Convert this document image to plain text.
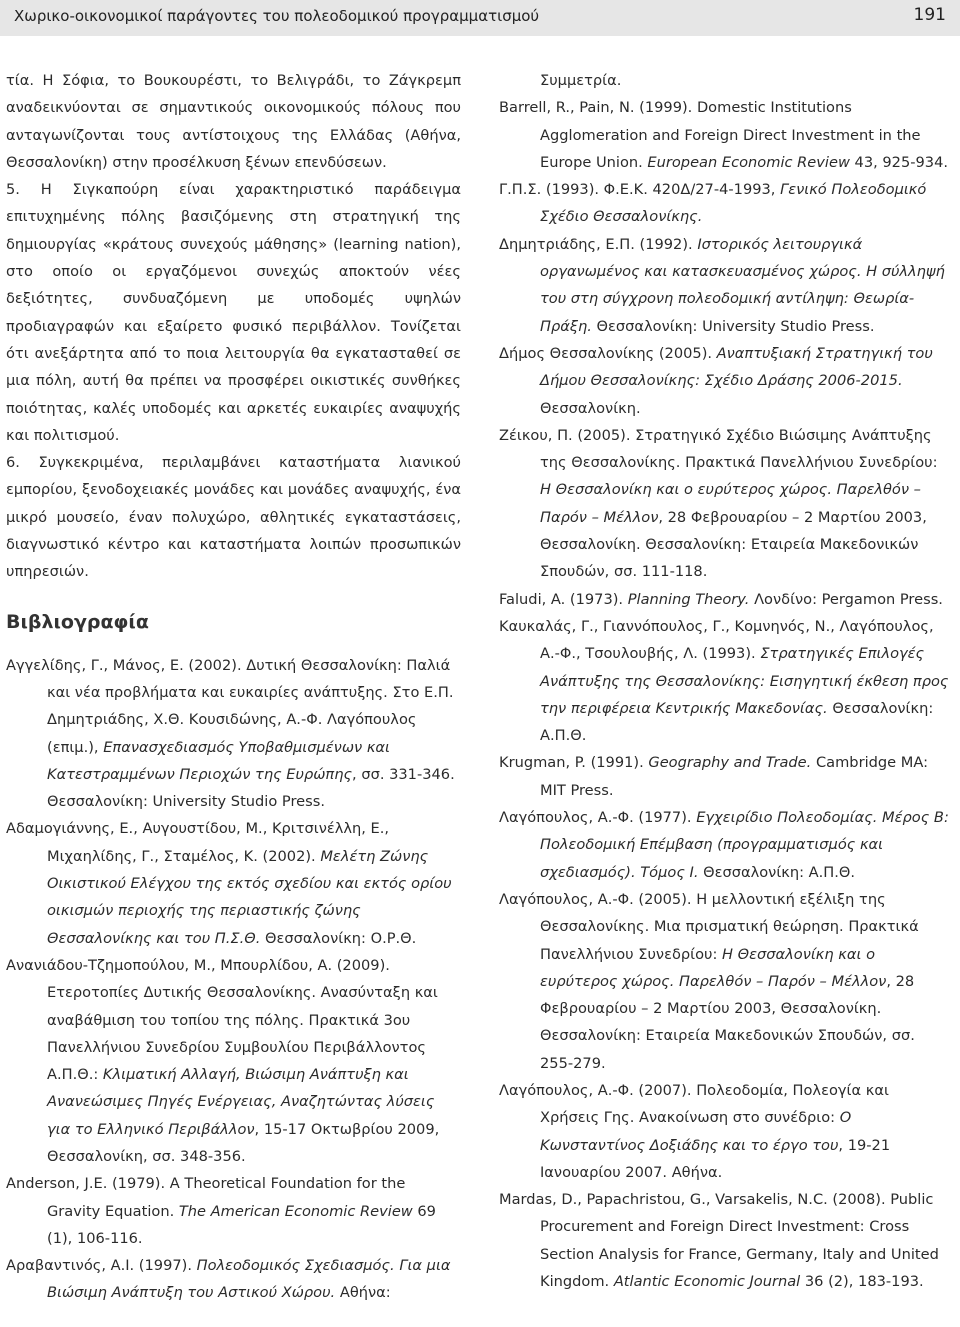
Χωρικο-οικονομικοί παράγοντες του πολεοδομικού προγραμματισμού	191

τία. Η Σόφια, το Βουκουρέστι, το Βελιγράδι, το Ζάγκρεμπ αναδεικνύονται σε σημαντικούς οικονομικούς πόλους που ανταγωνίζονται τους αντίστοιχους της Ελλάδας (Αθήνα, Θεσσαλονίκη) στην προσέλκυση ξένων επενδύσεων.

5. Η Σιγκαπούρη είναι χαρακτηριστικό παράδειγμα επιτυχημένης πόλης βασιζόμενης στη στρατηγική της δημιουργίας «κράτους συνεχούς μάθησης» (learning nation), στο οποίο οι εργαζόμενοι συνεχώς αποκτούν νέες δεξιότητες, συνδυαζόμενη με υποδομές υψηλών προδιαγραφών και εξαίρετο φυσικό περιβάλλον. Τονίζεται ότι ανεξάρτητα από το ποια λειτουργία θα εγκατασταθεί σε μια πόλη, αυτή θα πρέπει να προσφέρει οικιστικές συνθήκες ποιότητας, καλές υποδομές και αρκετές ευκαιρίες αναψυχής και πολιτισμού.

6. Συγκεκριμένα, περιλαμβάνει καταστήματα λιανικού εμπορίου, ξενοδοχειακές μονάδες και μονάδες αναψυχής, ένα μικρό μουσείο, έναν πολυχώρο, αθλητικές εγκαταστάσεις, διαγνωστικό κέντρο και καταστήματα λοιπών προσωπικών υπηρεσιών.

Βιβλιογραφία

Αγγελίδης, Γ., Μάνος, Ε. (2002). Δυτική Θεσσαλονίκη: Παλιά και νέα προβλήματα και ευκαιρίες ανάπτυξης. Στο Ε.Π. Δημητριάδης, Χ.Θ. Κουσιδώνης, Α.-Φ. Λαγόπουλος (επιμ.), Επανασχεδιασμός Υποβαθμισμένων και Κατεστραμμένων Περιοχών της Ευρώπης, σσ. 331-346. Θεσσαλονίκη: University Studio Press.

Αδαμογιάννης, Ε., Αυγουστίδου, Μ., Κριτσινέλλη, Ε., Μιχαηλίδης, Γ., Σταμέλος, Κ. (2002). Μελέτη Ζώνης Οικιστικού Ελέγχου της εκτός σχεδίου και εκτός ορίου οικισμών περιοχής της περιαστικής ζώνης Θεσσαλονίκης και του Π.Σ.Θ. Θεσσαλονίκη: Ο.Ρ.Θ.

Ανανιάδου-Τζημοπούλου, Μ., Μπουρλίδου, Α. (2009). Ετεροτοπίες Δυτικής Θεσσαλονίκης. Ανασύνταξη και αναβάθμιση του τοπίου της πόλης. Πρακτικά 3ου Πανελλήνιου Συνεδρίου Συμβουλίου Περιβάλλοντος Α.Π.Θ.: Κλιματική Αλλαγή, Βιώσιμη Ανάπτυξη και Ανανεώσιμες Πηγές Ενέργειας, Αναζητώντας λύσεις για το Ελληνικό Περιβάλλον, 15-17 Οκτωβρίου 2009, Θεσσαλονίκη, σσ. 348-356.

Anderson, J.E. (1979). A Theoretical Foundation for the Gravity Equation. The American Economic Review 69 (1), 106-116.

Αραβαντινός, Α.Ι. (1997). Πολεοδομικός Σχεδιασμός. Για μια Βιώσιμη Ανάπτυξη του Αστικού Χώρου. Αθήνα:

Συμμετρία.

Barrell, R., Pain, N. (1999). Domestic Institutions Agglomeration and Foreign Direct Investment in the Europe Union. European Economic Review 43, 925-934.

Γ.Π.Σ. (1993). Φ.Ε.Κ. 420Δ/27-4-1993, Γενικό Πολεοδομικό Σχέδιο Θεσσαλονίκης.

Δημητριάδης, Ε.Π. (1992). Ιστορικός λειτουργικά οργανωμένος και κατασκευασμένος χώρος. Η σύλληψή του στη σύγχρονη πολεοδομική αντίληψη: Θεωρία-Πράξη. Θεσσαλονίκη: University Studio Press.

Δήμος Θεσσαλονίκης (2005). Αναπτυξιακή Στρατηγική του Δήμου Θεσσαλονίκης: Σχέδιο Δράσης 2006-2015. Θεσσαλονίκη.

Ζέικου, Π. (2005). Στρατηγικό Σχέδιο Βιώσιμης Ανάπτυξης της Θεσσαλονίκης. Πρακτικά Πανελλήνιου Συνεδρίου: Η Θεσσαλονίκη και ο ευρύτερος χώρος. Παρελθόν – Παρόν – Μέλλον, 28 Φεβρουαρίου – 2 Μαρτίου 2003, Θεσσαλονίκη. Θεσσαλονίκη: Εταιρεία Μακεδονικών Σπουδών, σσ. 111-118.

Faludi, A. (1973). Planning Theory. Λονδίνο: Pergamon Press.

Καυκαλάς, Γ., Γιαννόπουλος, Γ., Κομνηνός, Ν., Λαγόπουλος, Α.-Φ., Τσουλουβής, Λ. (1993). Στρατηγικές Επιλογές Ανάπτυξης της Θεσσαλονίκης: Εισηγητική έκθεση προς την περιφέρεια Κεντρικής Μακεδονίας. Θεσσαλονίκη: Α.Π.Θ.

Krugman, P. (1991). Geography and Trade. Cambridge MA: MIT Press.

Λαγόπουλος, Α.-Φ. (1977). Εγχειρίδιο Πολεοδομίας. Μέρος Β: Πολεοδομική Επέμβαση (προγραμματισμός και σχεδιασμός). Τόμος Ι. Θεσσαλονίκη: Α.Π.Θ.

Λαγόπουλος, Α.-Φ. (2005). Η μελλοντική εξέλιξη της Θεσσαλονίκης. Μια πρισματική θεώρηση. Πρακτικά Πανελλήνιου Συνεδρίου: Η Θεσσαλονίκη και ο ευρύτερος χώρος. Παρελθόν – Παρόν – Μέλλον, 28 Φεβρουαρίου – 2 Μαρτίου 2003, Θεσσαλονίκη. Θεσσαλονίκη: Εταιρεία Μακεδονικών Σπουδών, σσ. 255-279.

Λαγόπουλος, Α.-Φ. (2007). Πολεοδομία, Πολεογία και Χρήσεις Γης. Ανακοίνωση στο συνέδριο: Ο Κωνσταντίνος Δοξιάδης και το έργο του, 19-21 Ιανουαρίου 2007. Αθήνα.

Mardas, D., Papachristou, G., Varsakelis, N.C. (2008). Public Procurement and Foreign Direct Investment: Cross Section Analysis for France, Germany, Italy and United Kingdom. Atlantic Economic Journal 36 (2), 183-193.
